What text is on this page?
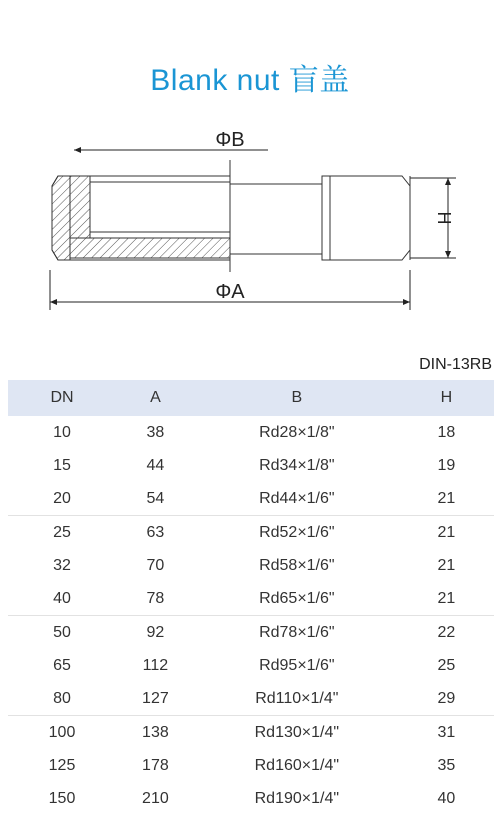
Blank nut 盲盖
ΦB
ΦA
H
DIN-13RB
DN	A	B	H
10	38	Rd28×1/8"	18
15	44	Rd34×1/8"	19
20	54	Rd44×1/6"	21
25	63	Rd52×1/6"	21
32	70	Rd58×1/6"	21
40	78	Rd65×1/6"	21
50	92	Rd78×1/6"	22
65	112	Rd95×1/6"	25
80	127	Rd110×1/4"	29
100	138	Rd130×1/4"	31
125	178	Rd160×1/4"	35
150	210	Rd190×1/4"	40
